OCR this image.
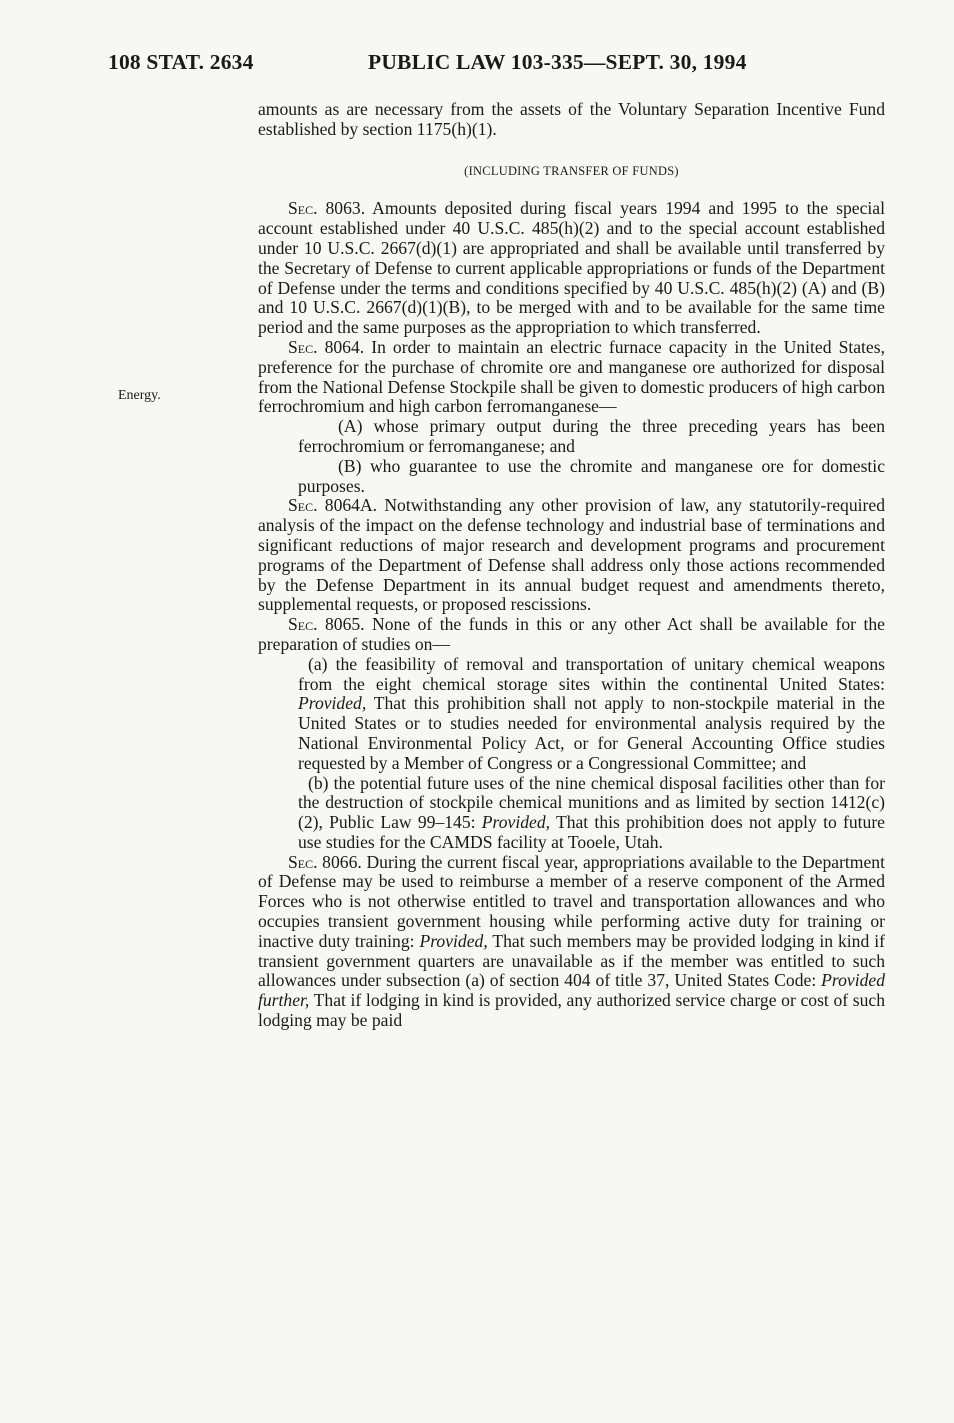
108 STAT. 2634	PUBLIC LAW 103-335—SEPT. 30, 1994
Energy.

amounts as are necessary from the assets of the Voluntary Separation Incentive Fund established by section 1175(h)(1).

(INCLUDING TRANSFER OF FUNDS)

Sec. 8063. Amounts deposited during fiscal years 1994 and 1995 to the special account established under 40 U.S.C. 485(h)(2) and to the special account established under 10 U.S.C. 2667(d)(1) are appropriated and shall be available until transferred by the Secretary of Defense to current applicable appropriations or funds of the Department of Defense under the terms and conditions specified by 40 U.S.C. 485(h)(2) (A) and (B) and 10 U.S.C. 2667(d)(1)(B), to be merged with and to be available for the same time period and the same purposes as the appropriation to which transferred.

Sec. 8064. In order to maintain an electric furnace capacity in the United States, preference for the purchase of chromite ore and manganese ore authorized for disposal from the National Defense Stockpile shall be given to domestic producers of high carbon ferrochromium and high carbon ferromanganese—

(A) whose primary output during the three preceding years has been ferrochromium or ferromanganese; and

(B) who guarantee to use the chromite and manganese ore for domestic purposes.

Sec. 8064A. Notwithstanding any other provision of law, any statutorily-required analysis of the impact on the defense technology and industrial base of terminations and significant reductions of major research and development programs and procurement programs of the Department of Defense shall address only those actions recommended by the Defense Department in its annual budget request and amendments thereto, supplemental requests, or proposed rescissions.

Sec. 8065. None of the funds in this or any other Act shall be available for the preparation of studies on—

(a) the feasibility of removal and transportation of unitary chemical weapons from the eight chemical storage sites within the continental United States: Provided, That this prohibition shall not apply to non-stockpile material in the United States or to studies needed for environmental analysis required by the National Environmental Policy Act, or for General Accounting Office studies requested by a Member of Congress or a Congressional Committee; and

(b) the potential future uses of the nine chemical disposal facilities other than for the destruction of stockpile chemical munitions and as limited by section 1412(c)(2), Public Law 99–145: Provided, That this prohibition does not apply to future use studies for the CAMDS facility at Tooele, Utah.

Sec. 8066. During the current fiscal year, appropriations available to the Department of Defense may be used to reimburse a member of a reserve component of the Armed Forces who is not otherwise entitled to travel and transportation allowances and who occupies transient government housing while performing active duty for training or inactive duty training: Provided, That such members may be provided lodging in kind if transient government quarters are unavailable as if the member was entitled to such allowances under subsection (a) of section 404 of title 37, United States Code: Provided further, That if lodging in kind is provided, any authorized service charge or cost of such lodging may be paid
